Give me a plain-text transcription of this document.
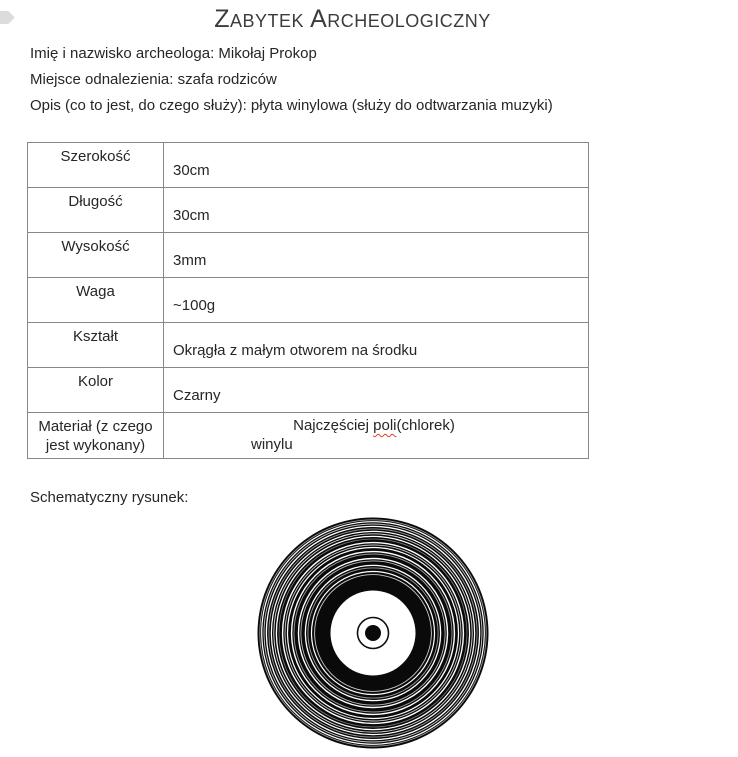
Zabytek Archeologiczny
Imię i nazwisko archeologa: Mikołaj Prokop
Miejsce odnalezienia: szafa rodziców
Opis (co to jest, do czego służy): płyta winylowa (służy do odtwarzania muzyki)
Szerokość	30cm
Długość	30cm
Wysokość	3mm
Waga	~100g
Kształt	Okrągła z małym otworem na środku
Kolor	Czarny
Materiał (z czego jest wykonany)	Najczęściej poli(chlorek)
winylu
Schematyczny rysunek:
